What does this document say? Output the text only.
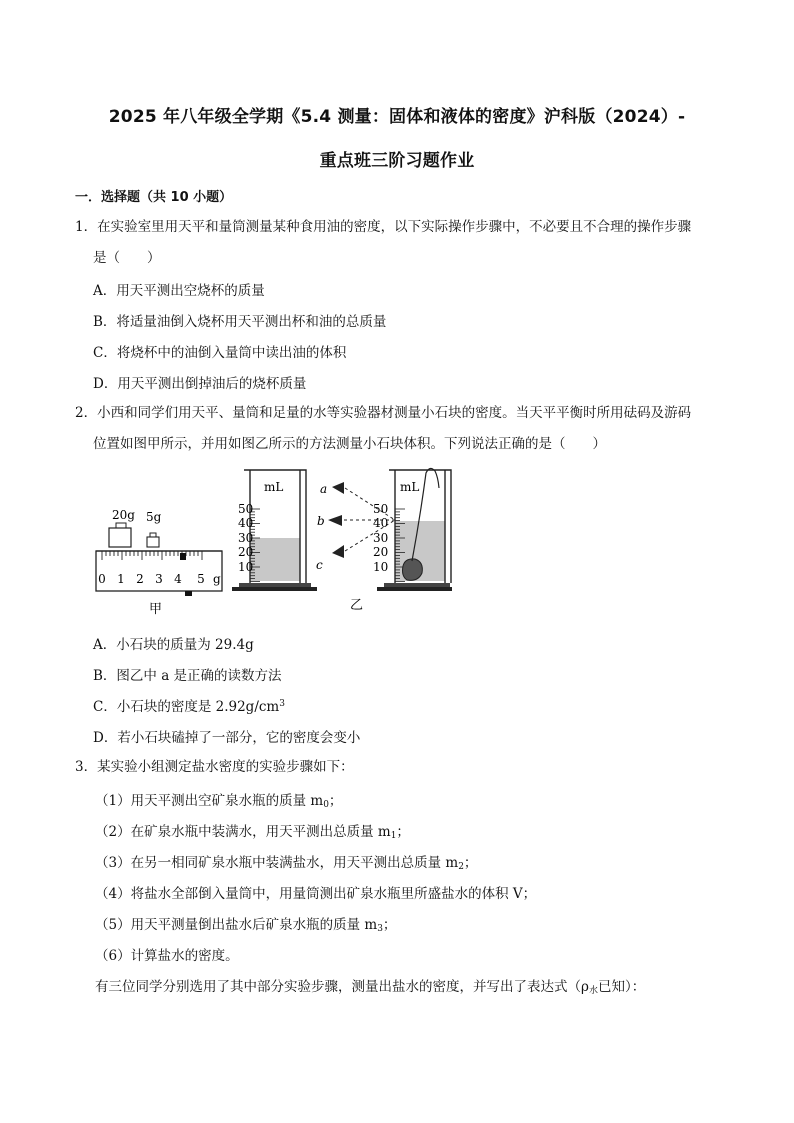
2025 年八年级全学期《5.4 测量：固体和液体的密度》沪科版（2024）-
重点班三阶习题作业
一．选择题（共 10 小题）
1．在实验室里用天平和量筒测量某种食用油的密度，以下实际操作步骤中，不必要且不合理的操作步骤
是（　　）
A．用天平测出空烧杯的质量
B．将适量油倒入烧杯用天平测出杯和油的总质量
C．将烧杯中的油倒入量筒中读出油的体积
D．用天平测出倒掉油后的烧杯质量
2．小西和同学们用天平、量筒和足量的水等实验器材测量小石块的密度。当天平平衡时所用砝码及游码
位置如图甲所示，并用如图乙所示的方法测量小石块体积。下列说法正确的是（　　）
20g 5g
0 1 2 3 4 5 g
甲
mL
50
40
30
20
10
a
b
c
mL
50
40
30
20
10
乙
A．小石块的质量为 29.4g
B．图乙中 a 是正确的读数方法
C．小石块的密度是 $2.92g/cm^3$
D．若小石块磕掉了一部分，它的密度会变小
3．某实验小组测定盐水密度的实验步骤如下：
（1）用天平测出空矿泉水瓶的质量 $m_0$；
（2）在矿泉水瓶中装满水，用天平测出总质量 $m_1$；
（3）在另一相同矿泉水瓶中装满盐水，用天平测出总质量 $m_2$；
（4）将盐水全部倒入量筒中，用量筒测出矿泉水瓶里所盛盐水的体积 V；
（5）用天平测量倒出盐水后矿泉水瓶的质量 $m_3$；
（6）计算盐水的密度。
有三位同学分别选用了其中部分实验步骤，测量出盐水的密度，并写出了表达式（$\rho_水$已知）：
